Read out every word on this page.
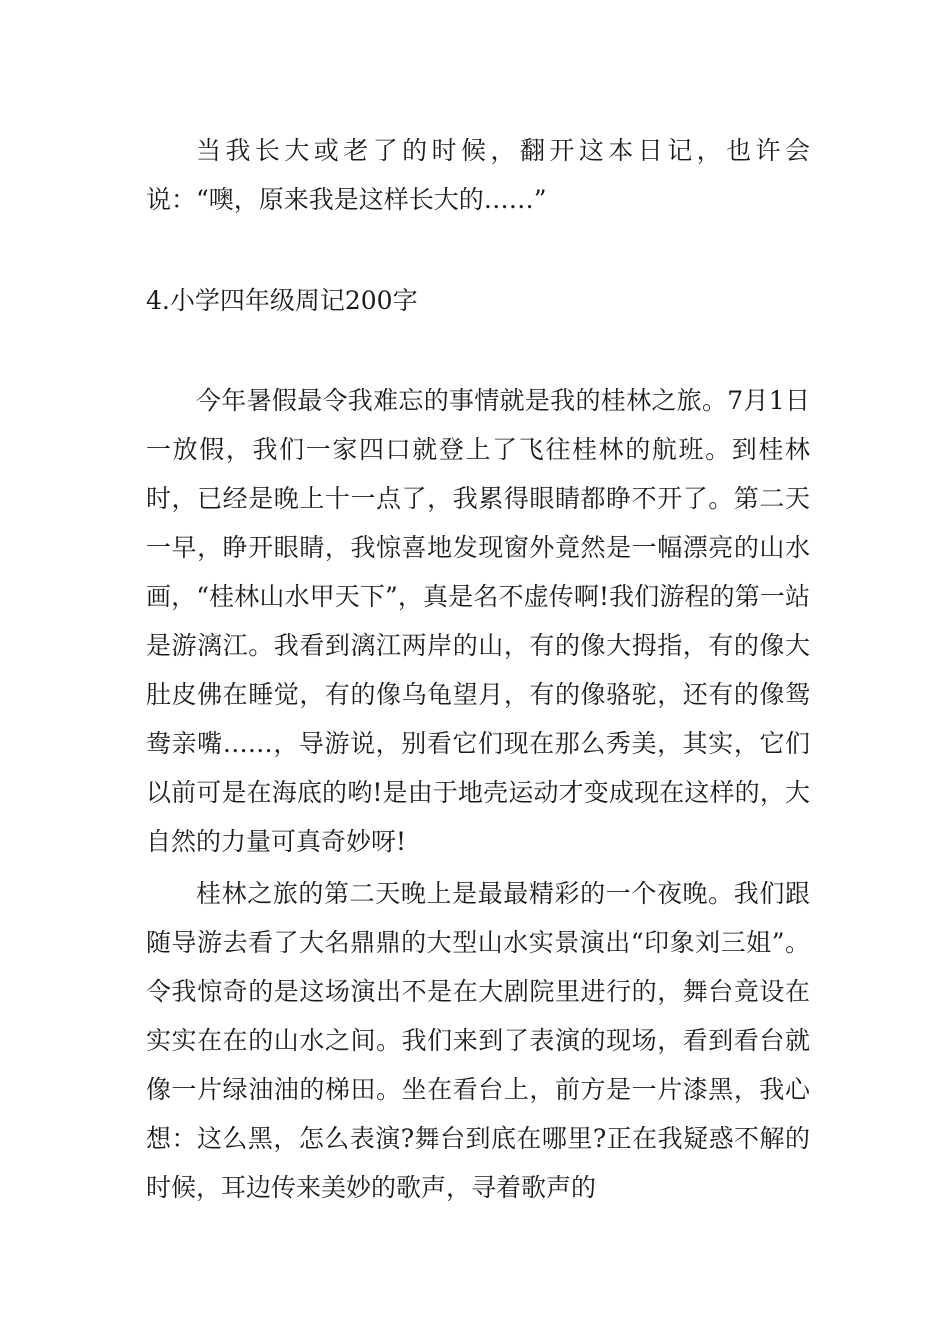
当我长大或老了的时候，翻开这本日记，也许会说：“噢，原来我是这样长大的……”

4.小学四年级周记200字

今年暑假最令我难忘的事情就是我的桂林之旅。7月1日一放假，我们一家四口就登上了飞往桂林的航班。到桂林时，已经是晚上十一点了，我累得眼睛都睁不开了。第二天一早，睁开眼睛，我惊喜地发现窗外竟然是一幅漂亮的山水画，“桂林山水甲天下”，真是名不虚传啊!我们游程的第一站是游漓江。我看到漓江两岸的山，有的像大拇指，有的像大肚皮佛在睡觉，有的像乌龟望月，有的像骆驼，还有的像鸳鸯亲嘴……，导游说，别看它们现在那么秀美，其实，它们以前可是在海底的哟!是由于地壳运动才变成现在这样的，大自然的力量可真奇妙呀!

桂林之旅的第二天晚上是最最精彩的一个夜晚。我们跟随导游去看了大名鼎鼎的大型山水实景演出“印象刘三姐”。令我惊奇的是这场演出不是在大剧院里进行的，舞台竟设在实实在在的山水之间。我们来到了表演的现场，看到看台就像一片绿油油的梯田。坐在看台上，前方是一片漆黑，我心想：这么黑，怎么表演?舞台到底在哪里?正在我疑惑不解的时候，耳边传来美妙的歌声，寻着歌声的
